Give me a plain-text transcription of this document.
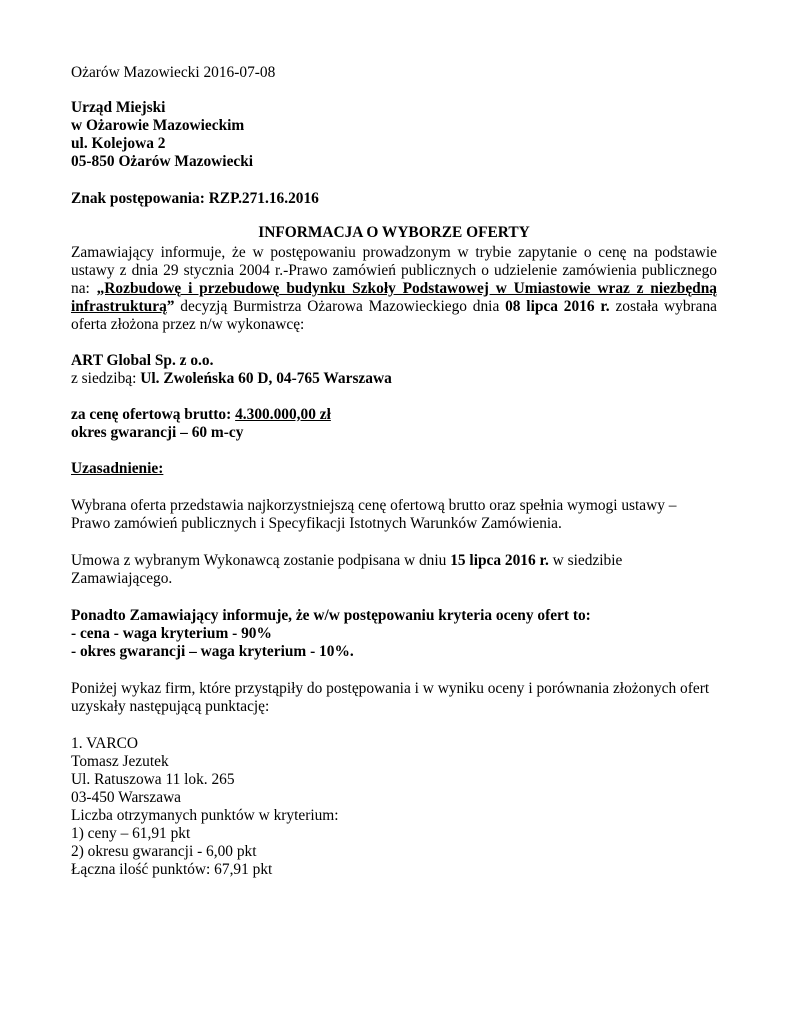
Ożarów Mazowiecki 2016-07-08
Urząd Miejski
w Ożarowie Mazowieckim
ul. Kolejowa 2
05-850 Ożarów Mazowiecki
Znak postępowania: RZP.271.16.2016
INFORMACJA O WYBORZE OFERTY
Zamawiający informuje, że w postępowaniu prowadzonym w trybie zapytanie o cenę na podstawie
ustawy z dnia 29 stycznia 2004 r.-Prawo zamówień publicznych o udzielenie zamówienia publicznego
na: „Rozbudowę i przebudowę budynku Szkoły Podstawowej w Umiastowie wraz z niezbędną
infrastrukturą” decyzją Burmistrza Ożarowa Mazowieckiego dnia 08 lipca 2016 r. została wybrana
oferta złożona przez n/w wykonawcę:
ART Global Sp. z o.o.
z siedzibą: Ul. Zwoleńska 60 D, 04-765 Warszawa
za cenę ofertową brutto: 4.300.000,00 zł
okres gwarancji – 60 m-cy
Uzasadnienie:
Wybrana oferta przedstawia najkorzystniejszą cenę ofertową brutto oraz spełnia wymogi ustawy –
Prawo zamówień publicznych i Specyfikacji Istotnych Warunków Zamówienia.
Umowa z wybranym Wykonawcą zostanie podpisana w dniu 15 lipca 2016 r. w siedzibie
Zamawiającego.
Ponadto Zamawiający informuje, że w/w postępowaniu kryteria oceny ofert to:
- cena - waga kryterium - 90%
- okres gwarancji – waga kryterium - 10%.
Poniżej wykaz firm, które przystąpiły do postępowania i w wyniku oceny i porównania złożonych ofert
uzyskały następującą punktację:
1. VARCO
Tomasz Jezutek
Ul. Ratuszowa 11 lok. 265
03-450 Warszawa
Liczba otrzymanych punktów w kryterium:
1) ceny – 61,91 pkt
2) okresu gwarancji - 6,00 pkt
Łączna ilość punktów: 67,91 pkt
